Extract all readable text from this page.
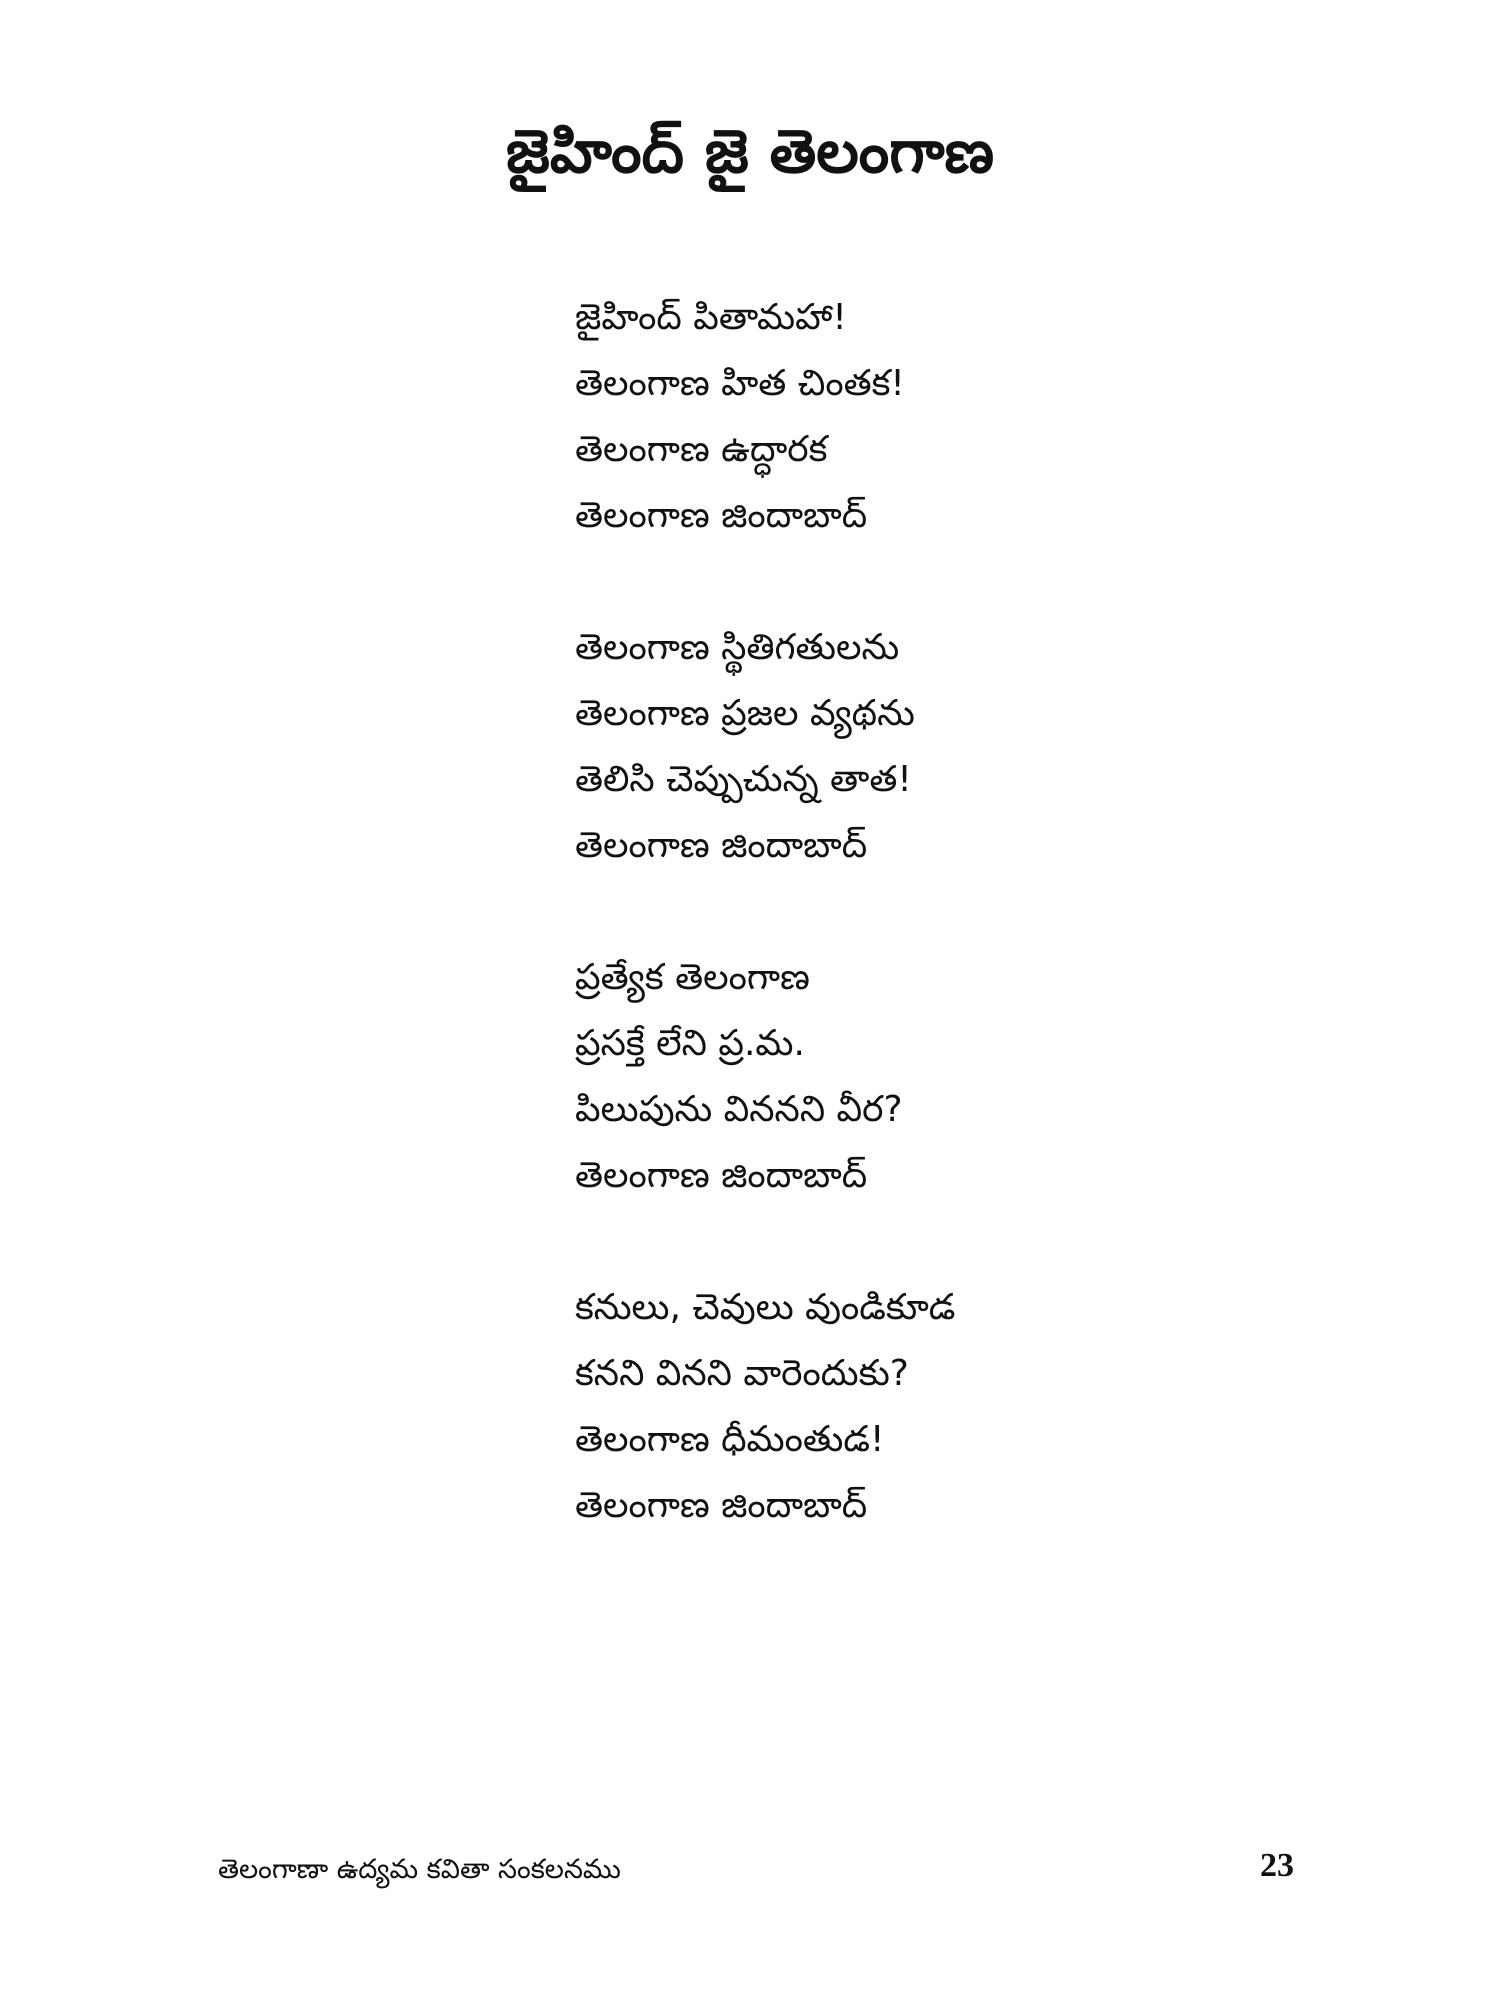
జైహింద్ జై తెలంగాణ
జైహింద్ పితామహా!
తెలంగాణ హిత చింతక!
తెలంగాణ ఉద్ధారక
తెలంగాణ జిందాబాద్
తెలంగాణ స్థితిగతులను
తెలంగాణ ప్రజల వ్యథను
తెలిసి చెప్పుచున్న తాత!
తెలంగాణ జిందాబాద్
ప్రత్యేక తెలంగాణ
ప్రసక్తే లేని ప్ర.మ.
పిలుపును విననని వీర?
తెలంగాణ జిందాబాద్
కనులు, చెవులు వుండికూడ
కనని వినని వారెందుకు?
తెలంగాణ ధీమంతుడ!
తెలంగాణ జిందాబాద్
తెలంగాణా ఉద్యమ కవితా సంకలనము	23
